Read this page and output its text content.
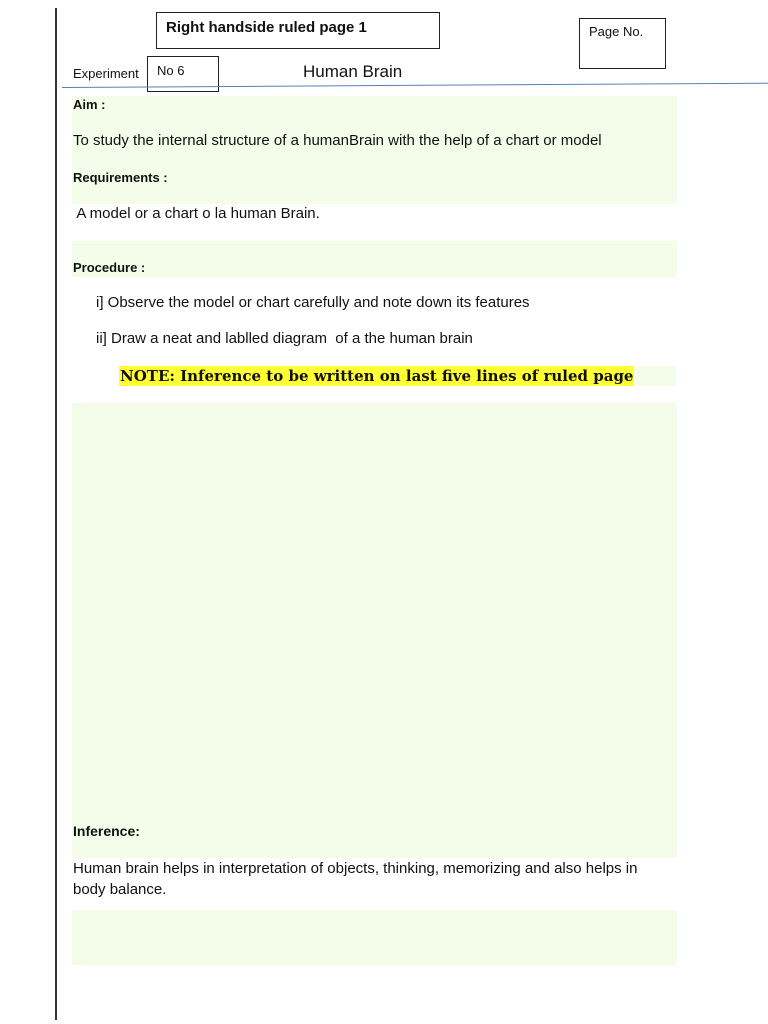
Right handside ruled page 1	Page No.
Experiment No 6	Human Brain
Aim :
To study the internal structure of a humanBrain with the help of a chart or model
Requirements :
A model or a chart o la human Brain.
Procedure :
i] Observe the model or chart carefully and note down its features
ii] Draw a neat and lablled diagram  of a the human brain
NOTE: Inference to be written on last five lines of ruled page
Inference:
Human brain helps in interpretation of objects, thinking, memorizing and also helps in body balance.
